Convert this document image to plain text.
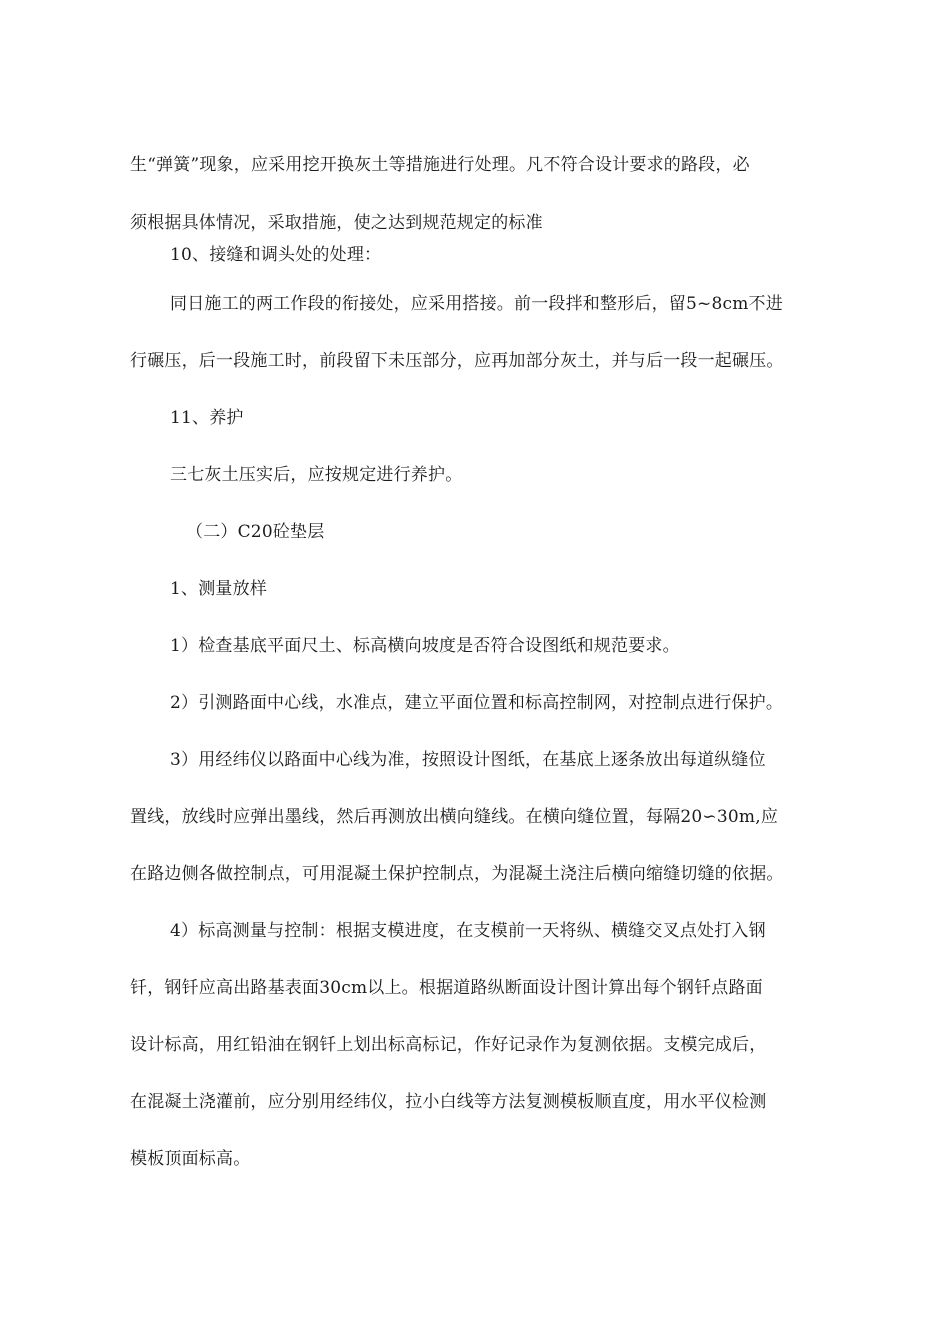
生“弹簧”现象，应采用挖开换灰土等措施进行处理。凡不符合设计要求的路段，必
须根据具体情况，采取措施，使之达到规范规定的标准
10、接缝和调头处的处理：
同日施工的两工作段的衔接处，应采用搭接。前一段拌和整形后，留5~8cm不进
行碾压，后一段施工时，前段留下未压部分，应再加部分灰土，并与后一段一起碾压。
11、养护
三七灰土压实后，应按规定进行养护。
（二）C20砼垫层
1、测量放样
1）检查基底平面尺土、标高横向坡度是否符合设图纸和规范要求。
2）引测路面中心线，水准点，建立平面位置和标高控制网，对控制点进行保护。
3）用经纬仪以路面中心线为准，按照设计图纸，在基底上逐条放出每道纵缝位
置线，放线时应弹出墨线，然后再测放出横向缝线。在横向缝位置，每隔20∽30m,应
在路边侧各做控制点，可用混凝土保护控制点，为混凝土浇注后横向缩缝切缝的依据。
4）标高测量与控制：根据支模进度，在支模前一天将纵、横缝交叉点处打入钢
钎，钢钎应高出路基表面30cm以上。根据道路纵断面设计图计算出每个钢钎点路面
设计标高，用红铅油在钢钎上划出标高标记，作好记录作为复测依据。支模完成后，
在混凝土浇灌前，应分别用经纬仪，拉小白线等方法复测模板顺直度，用水平仪检测
模板顶面标高。
